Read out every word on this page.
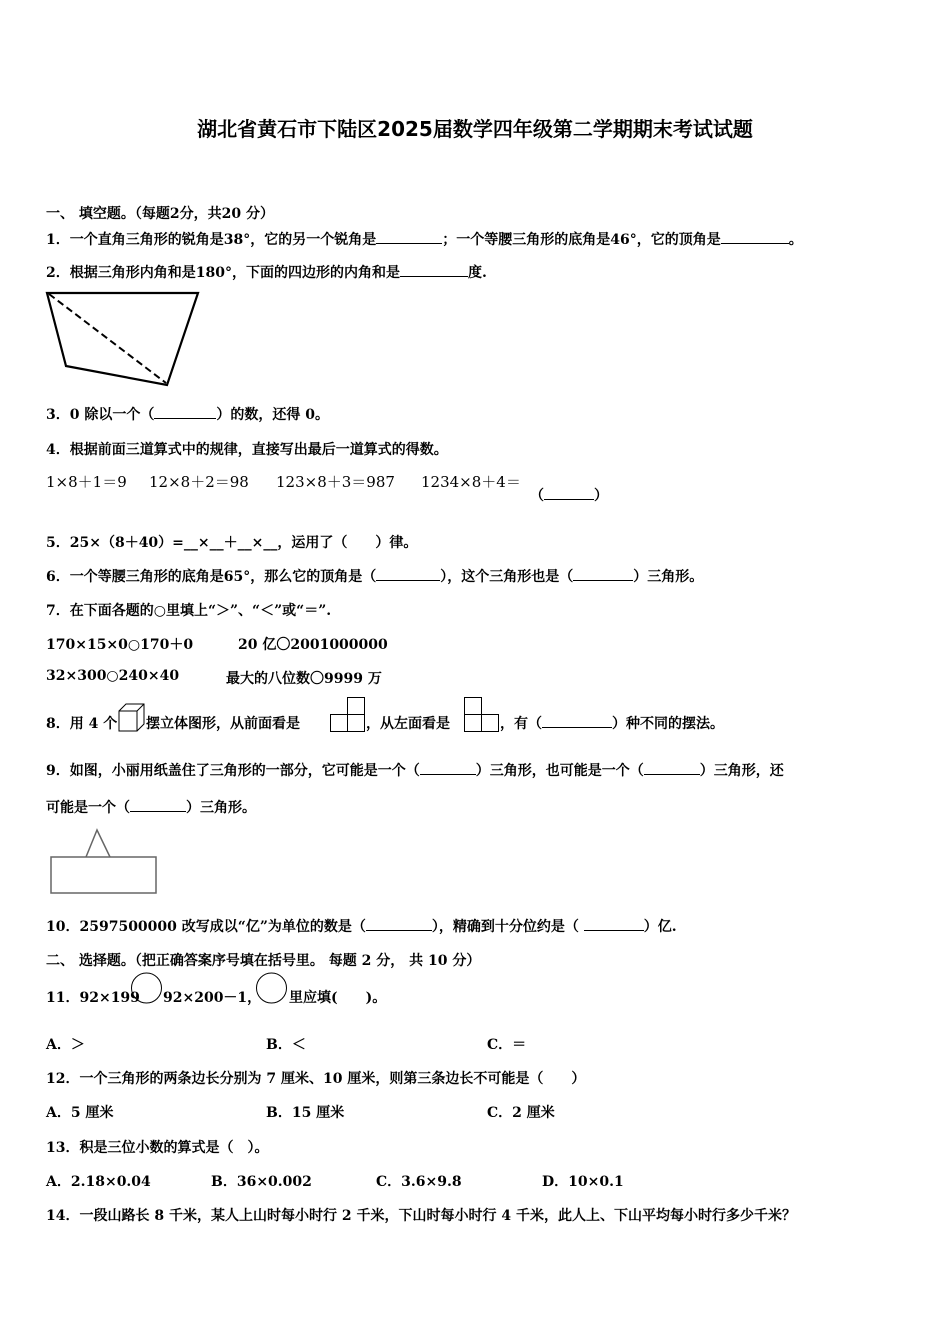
湖北省黄石市下陆区2025届数学四年级第二学期期末考试试题
一、 填空题。（每题2分，共20 分）
1．一个直角三角形的锐角是38°，它的另一个锐角是	；一个等腰三角形的底角是46°，它的顶角是	。
2．根据三角形内角和是180°，下面的四边形的内角和是	度.
3．0 除以一个（	）的数，还得 0。
4．根据前面三道算式中的规律，直接写出最后一道算式的得数。
1×8＋1＝9 12×8＋2＝98 123×8＋3＝987 1234×8＋4＝
（	）
5．25×（8＋40）=__×__＋__×__，运用了（　　）律。
6．一个等腰三角形的底角是65°，那么它的顶角是（	），这个三角形也是（	）三角形。
7．在下面各题的○里填上“＞”、“＜”或“＝”.
170×15×0○170＋0	20 亿〇2001000000
32×300○240×40	最大的八位数〇9999 万
8．用 4 个 摆立体图形，从前面看是	，从左面看是	，有（	）种不同的摆法。
9．如图，小丽用纸盖住了三角形的一部分，它可能是一个（	）三角形，也可能是一个（	）三角形，还
可能是一个（	）三角形。
10．2597500000 改写成以“亿”为单位的数是（	），精确到十分位约是（	）亿.
二、 选择题。（把正确答案序号填在括号里。 每题 2 分， 共 10 分）
11．92×199 92×200－1， 里应填(　　)。
A．＞	B．＜	C．＝
12．一个三角形的两条边长分别为 7 厘米、10 厘米，则第三条边长不可能是（　　）
A．5 厘米	B．15 厘米	C．2 厘米
13．积是三位小数的算式是（　）。
A．2.18×0.04	B．36×0.002	C．3.6×9.8	D．10×0.1
14．一段山路长 8 千米，某人上山时每小时行 2 千米，下山时每小时行 4 千米，此人上、下山平均每小时行多少千米？
